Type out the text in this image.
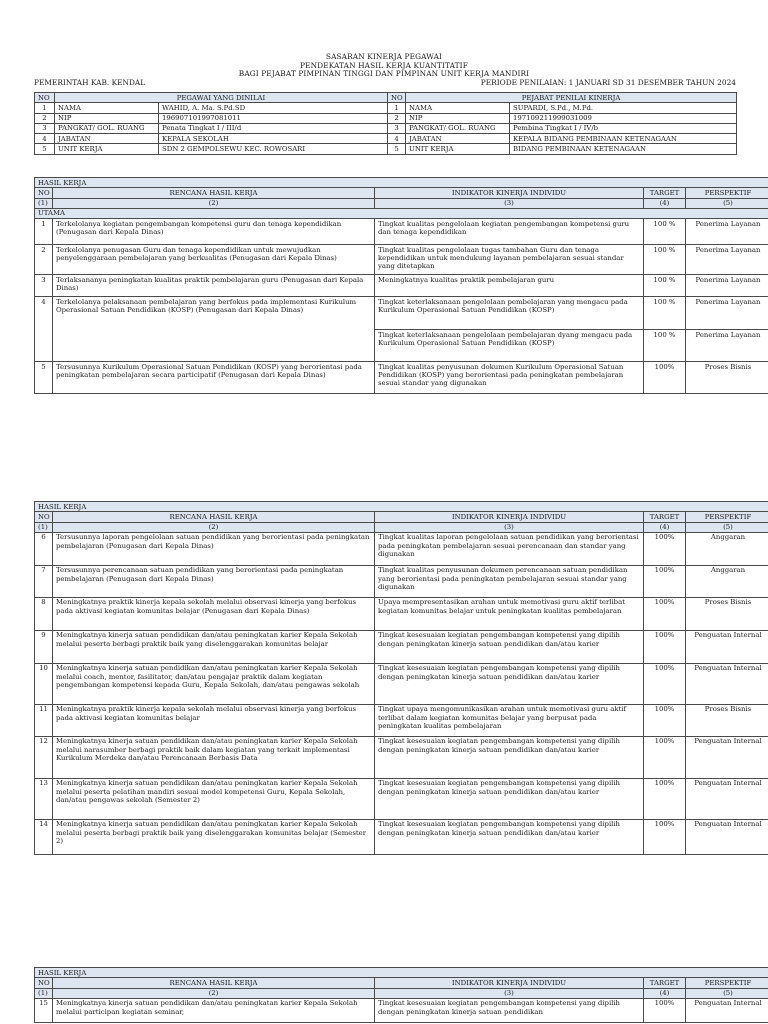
SASARAN KINERJA PEGAWAI
PENDEKATAN HASIL KERJA KUANTITATIF
BAGI PEJABAT PIMPINAN TINGGI DAN PIMPINAN UNIT KERJA MANDIRI
PEMERINTAH KAB. KENDAL	PERIODE PENILAIAN: 1 JANUARI SD 31 DESEMBER TAHUN 2024
NO	PEGAWAI YANG DINILAI		NO	PEJABAT PENILAI KINERJA	
1	NAMA	WAHID, A. Ma. S.Pd.SD	1	NAMA	SUPARDI, S.Pd., M.Pd.
2	NIP	196907101997081011	2	NIP	197109211999031009
3	PANGKAT/ GOL. RUANG	Penata Tingkat I / III/d	3	PANGKAT/ GOL. RUANG	Pembina Tingkat I / IV/b
4	JABATAN	KEPALA SEKOLAH	4	JABATAN	KEPALA BIDANG PEMBINAAN KETENAGAAN
5	UNIT KERJA	SDN 2 GEMPOLSEWU KEC. ROWOSARI	5	UNIT KERJA	BIDANG PEMBINAAN KETENAGAAN
HASIL KERJA				
NO	RENCANA HASIL KERJA	INDIKATOR KINERJA INDIVIDU	TARGET	PERSPEKTIF
(1)	(2)	(3)	(4)	(5)
UTAMA				
1	Terkelolanya kegiatan pengembangan kompetensi guru dan tenaga kependidikan (Penugasan dari Kepala Dinas)	Tingkat kualitas pengelolaan kegiatan pengembangan kompetensi guru dan tenaga kependidikan	100 %	Penerima Layanan
2	Terkelolanya penugasan Guru dan tenaga kependidikan untuk mewujudkan penyelenggaraan pembelajaran yang berkualitas (Penugasan dari Kepala Dinas)	Tingkat kualitas pengelolaan tugas tambahan Guru dan tenaga kependidikan untuk mendukung layanan pembelajaran sesuai standar yang ditetapkan	100 %	Penerima Layanan
3	Terlaksananya peningkatan kualitas praktik pembelajaran guru (Penugasan dari Kepala Dinas)	Meningkatnya kualitas praktik pembelajaran guru	100 %	Penerima Layanan
4	Terkelolanya pelaksanaan pembelajaran yang berfokus pada implementasi Kurikulum Operasional Satuan Pendidikan (KOSP) (Penugasan dari Kepala Dinas)	Tingkat keterlaksanaan pengelolaan pembelajaran yang mengacu pada Kurikulum Operasional Satuan Pendidikan (KOSP)	100 %	Penerima Layanan
		Tingkat keterlaksanaan pengelolaan pembelajaran dyang mengacu pada Kurikulum Operasional Satuan Pendidikan (KOSP)	100 %	Penerima Layanan
5	Tersusunnya Kurikulum Operasional Satuan Pendidikan (KOSP) yang berorientasi pada peningkatan pembelajaran secara participatif (Penugasan dari Kepala Dinas)	Tingkat kualitas penyusunan dokumen Kurikulum Operasional Satuan Pendidikan (KOSP) yang berorientasi pada peningkatan pembelajaran sesuai standar yang digunakan	100%	Proses Bisnis
HASIL KERJA				
NO	RENCANA HASIL KERJA	INDIKATOR KINERJA INDIVIDU	TARGET	PERSPEKTIF
(1)	(2)	(3)	(4)	(5)
6	Tersusunnya laporan pengelolaan satuan pendidikan yang berorientasi pada peningkatan pembelajaran (Penugasan dari Kepala Dinas)	Tingkat kualitas laporan pengelolaan satuan pendidikan yang berorientasi pada peningkatan pembelajaran sesuai perencanaan dan standar yang digunakan	100%	Anggaran
7	Tersusunnya perencanaan satuan pendidikan yang berorientasi pada peningkatan pembelajaran (Penugasan dari Kepala Dinas)	Tingkat kualitas penyusunan dokumen perencanaan satuan pendidikan yang berorientasi pada peningkatan pembelajaran sesuai standar yang digunakan	100%	Anggaran
8	Meningkatnya praktik kinerja kepala sekolah melalui observasi kinerja yang berfokus pada aktivasi kegiatan komunitas belajar (Penugasan dari Kepala Dinas)	Upaya mempresentasikan arahan untuk memotivasi guru aktif terlibat kegiatan komunitas belajar untuk peningkatan kualitas pembelajaran	100%	Proses Bisnis
9	Meningkatnya kinerja satuan pendidikan dan/atau peningkatan karier Kepala Sekolah melalui peserta berbagi praktik baik yang diselenggarakan komunitas belajar	Tingkat kesesuaian kegiatan pengembangan kompetensi yang dipilih dengan peningkatan kinerja satuan pendidikan dan/atau karier	100%	Penguatan Internal
10	Meningkatnya kinerja satuan pendidikan dan/atau peningkatan karier Kepala Sekolah melalui coach, mentor, fasilitator, dan/atau pengajar praktik dalam kegiatan pengembangan kompetensi kepada Guru, Kepala Sekolah, dan/atau pengawas sekolah	Tingkat kesesuaian kegiatan pengembangan kompetensi yang dipilih dengan peningkatan kinerja satuan pendidikan dan/atau karier	100%	Penguatan Internal
11	Meningkatnya praktik kinerja kepala sekolah melalui observasi kinerja yang berfokus pada aktivasi kegiatan komunitas belajar	Tingkat upaya mengomunikasikan arahan untuk memotivasi guru aktif terlibat dalam kegiatan komunitas belajar yang berpusat pada peningkatan kualitas pembelajaran	100%	Proses Bisnis
12	Meningkatnya kinerja satuan pendidikan dan/atau peningkatan karier Kepala Sekolah melalui narasumber berbagi praktik baik dalam kegiatan yang terkait implementasi Kurikulum Merdeka dan/atau Perencanaan Berbasis Data	Tingkat kesesuaian kegiatan pengembangan kompetensi yang dipilih dengan peningkatan kinerja satuan pendidikan dan/atau karier	100%	Penguatan Internal
13	Meningkatnya kinerja satuan pendidikan dan/atau peningkatan karier Kepala Sekolah melalui peserta pelatihan mandiri sesuai model kompetensi Guru, Kepala Sekolah, dan/atau pengawas sekolah (Semester 2)	Tingkat kesesuaian kegiatan pengembangan kompetensi yang dipilih dengan peningkatan kinerja satuan pendidikan dan/atau karier	100%	Penguatan Internal
14	Meningkatnya kinerja satuan pendidikan dan/atau peningkatan karier Kepala Sekolah melalui peserta berbagi praktik baik yang diselenggarakan komunitas belajar (Semester 2)	Tingkat kesesuaian kegiatan pengembangan kompetensi yang dipilih dengan peningkatan kinerja satuan pendidikan dan/atau karier	100%	Penguatan Internal
HASIL KERJA				
NO	RENCANA HASIL KERJA	INDIKATOR KINERJA INDIVIDU	TARGET	PERSPEKTIF
(1)	(2)	(3)	(4)	(5)
15	Meningkatnya kinerja satuan pendidikan dan/atau peningkatan karier Kepala Sekolah melalui participan kegiatan seminar,	Tingkat kesesuaian kegiatan pengembangan kompetensi yang dipilih dengan peningkatan kinerja satuan pendidikan	100%	Penguatan Internal
